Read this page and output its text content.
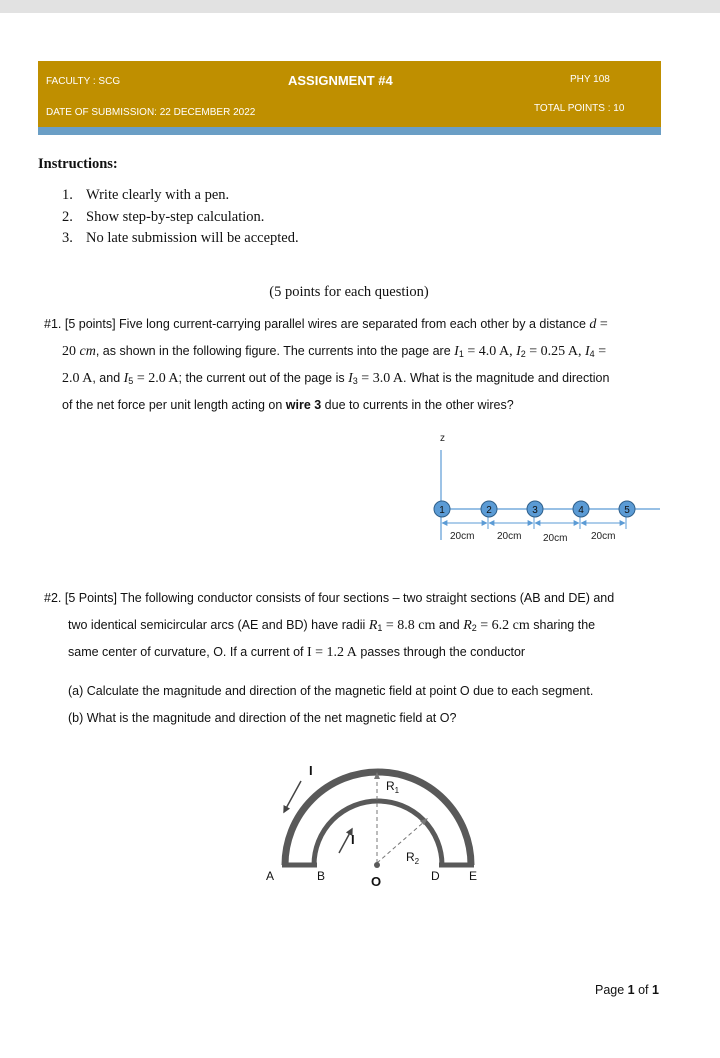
FACULTY : SCG	ASSIGNMENT #4	PHY 108
DATE OF SUBMISSION: 22 DECEMBER 2022	TOTAL POINTS : 10
Instructions:
1. Write clearly with a pen.
2. Show step-by-step calculation.
3. No late submission will be accepted.
(5 points for each question)
#1. [5 points] Five long current-carrying parallel wires are separated from each other by a distance d =
20 cm, as shown in the following figure. The currents into the page are $I_1 = 4.0$ A, $I_2 = 0.25$ A, $I_4$ =
2.0 A, and $I_5 = 2.0$ A; the current out of the page is $I_3 = 3.0$ A. What is the magnitude and direction
of the net force per unit length acting on wire 3 due to currents in the other wires?
z
20cm 20cm 20cm 20cm
1	2	3	4	5
#2. [5 Points] The following conductor consists of four sections – two straight sections (AB and DE) and
two identical semicircular arcs (AE and BD) have radii $R_1 = 8.8$ cm and $R_2 = 6.2$ cm sharing the
same center of curvature, O. If a current of I = 1.2 A passes through the conductor
(a) Calculate the magnitude and direction of the magnetic field at point O due to each segment.
(b) What is the magnitude and direction of the net magnetic field at O?
I
I
$R_1$
$R_2$
A	B	O	D E
Page 1 of 1
